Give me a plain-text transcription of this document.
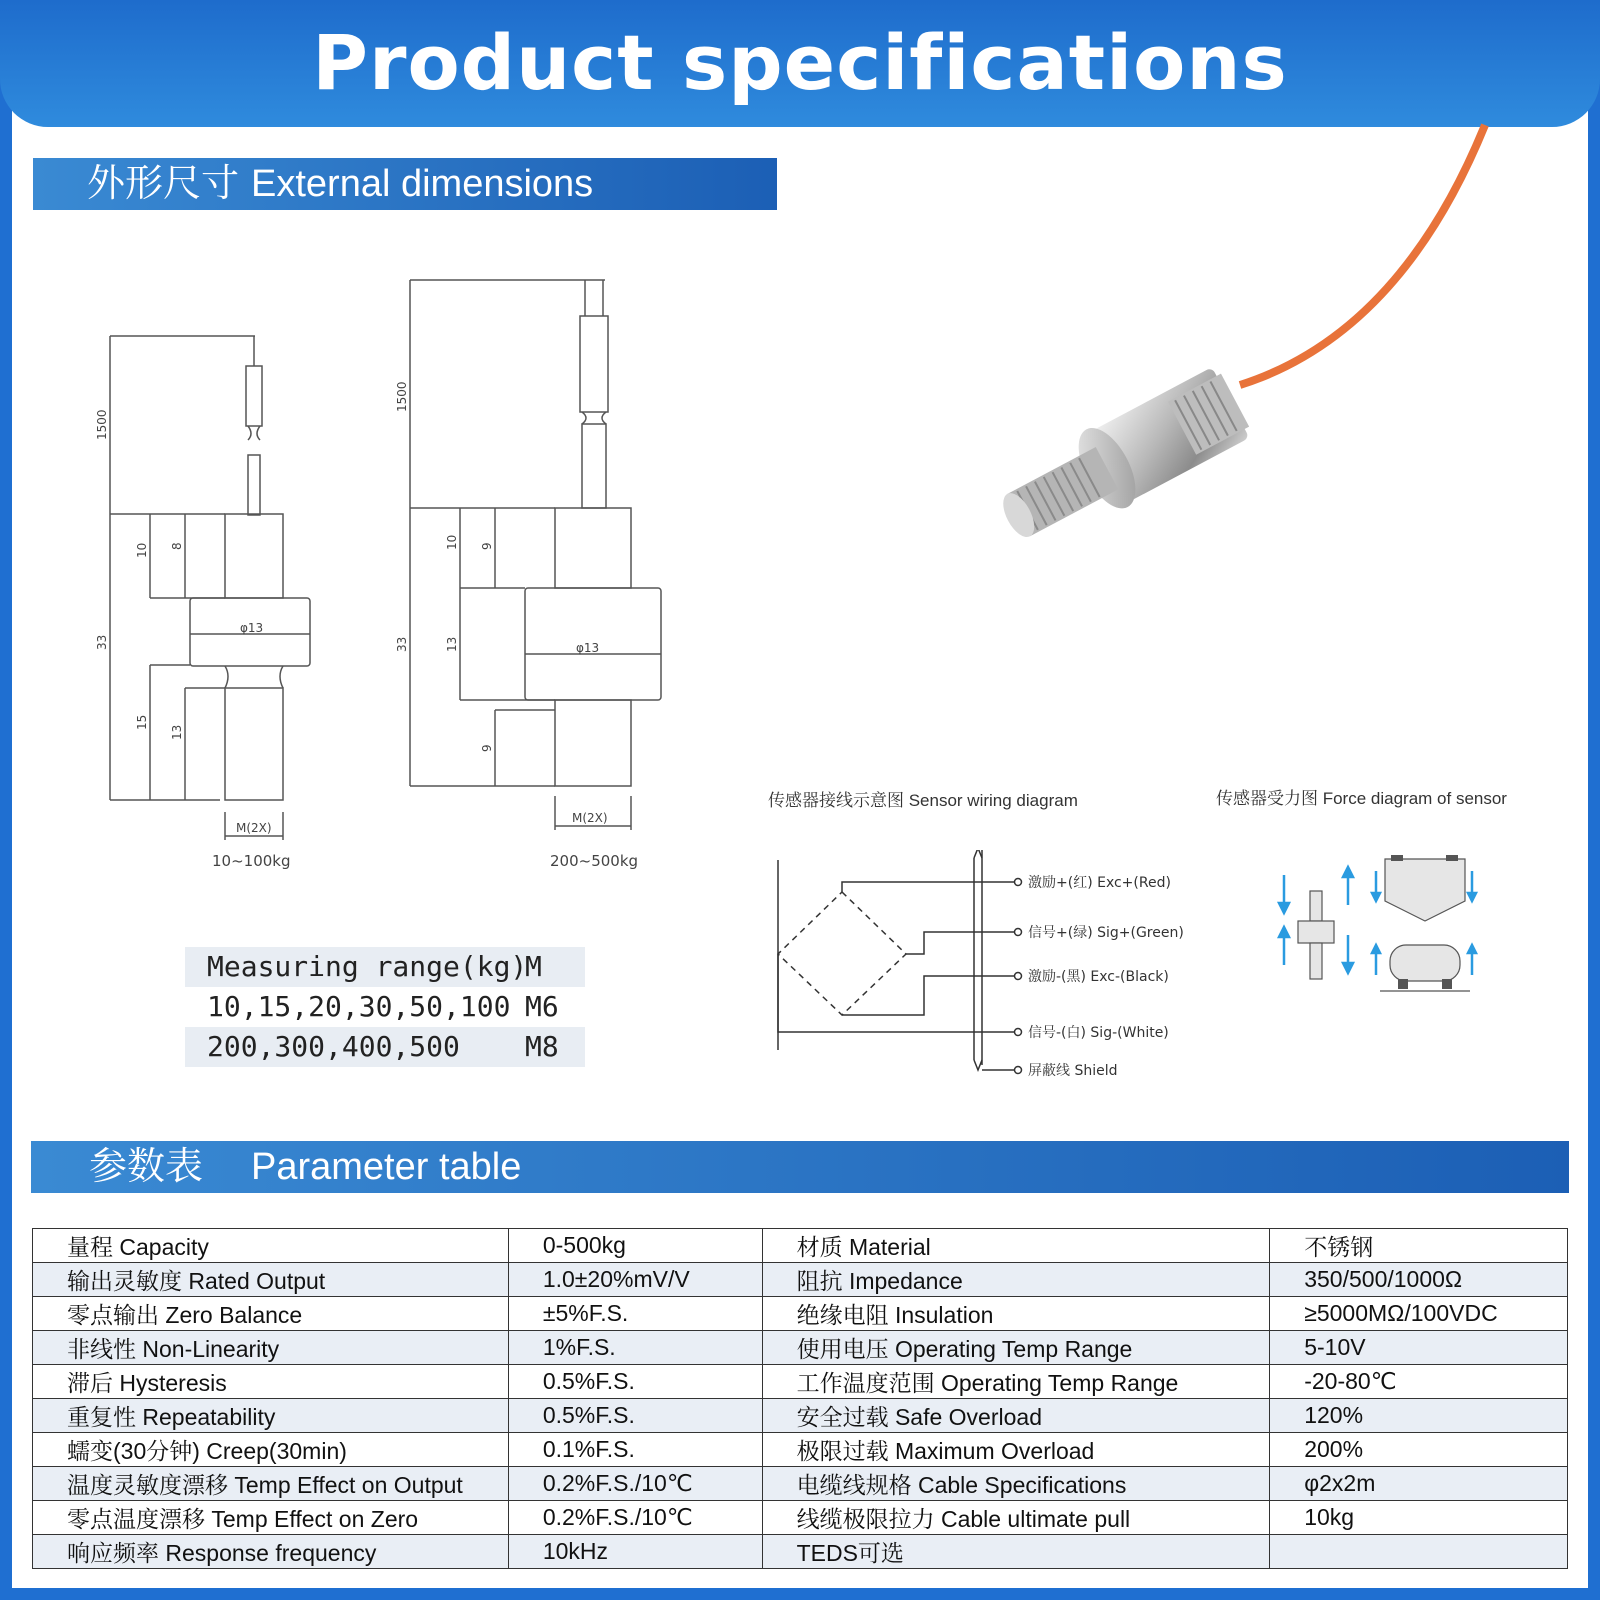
Product specifications
外形尺寸 External dimensions
1500
10 8
33
15
13
φ13
M(2X)
10~100kg
1500
10 9
33	13
9
φ13
M(2X)
200~500kg
Measuring range(kg)
M
10,15,20,30,50,100 M6
200,300,400,500 M8
传感器接线示意图 Sensor wiring diagram
激励+(红) Exc+(Red)
信号+(绿) Sig+(Green)
激励-(黑) Exc-(Black)
信号-(白) Sig-(White)
屏蔽线 Shield
传感器受力图 Force diagram of sensor
参数表 Parameter table
量程 Capacity	0-500kg	材质 Material	不锈钢
输出灵敏度 Rated Output	1.0±20%mV/V	阻抗 Impedance	350/500/1000Ω
零点输出 Zero Balance	±5%F.S.	绝缘电阻 Insulation	≥5000MΩ/100VDC
非线性 Non-Linearity	1%F.S.	使用电压 Operating Temp Range	5-10V
滞后 Hysteresis	0.5%F.S.	工作温度范围 Operating Temp Range	-20-80℃
重复性 Repeatability	0.5%F.S.	安全过载 Safe Overload	120%
蠕变(30分钟) Creep(30min)	0.1%F.S.	极限过载 Maximum Overload	200%
温度灵敏度漂移 Temp Effect on Output	0.2%F.S./10℃	电缆线规格 Cable Specifications	φ2x2m
零点温度漂移 Temp Effect on Zero	0.2%F.S./10℃	线缆极限拉力 Cable ultimate pull	10kg
响应频率 Response frequency	10kHz	TEDS可选	
